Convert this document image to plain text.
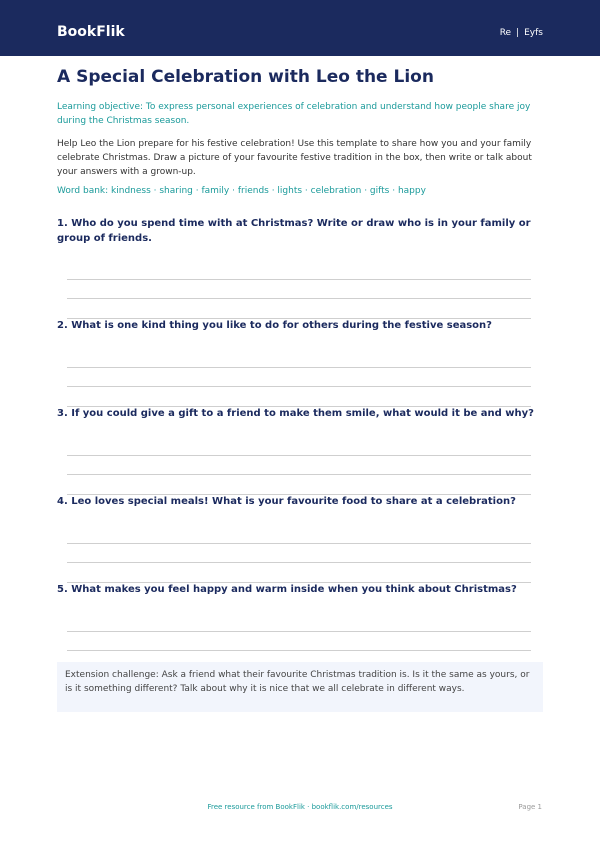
BookFlik	Re | Eyfs
A Special Celebration with Leo the Lion

Learning objective: To express personal experiences of celebration and understand how people share joy during the Christmas season.

Help Leo the Lion prepare for his festive celebration! Use this template to share how you and your family celebrate Christmas. Draw a picture of your favourite festive tradition in the box, then write or talk about your answers with a grown-up.

Word bank: kindness · sharing · family · friends · lights · celebration · gifts · happy

1. Who do you spend time with at Christmas? Write or draw who is in your family or group of friends.

2. What is one kind thing you like to do for others during the festive season?

3. If you could give a gift to a friend to make them smile, what would it be and why?

4. Leo loves special meals! What is your favourite food to share at a celebration?

5. What makes you feel happy and warm inside when you think about Christmas?

Extension challenge: Ask a friend what their favourite Christmas tradition is. Is it the same as yours, or is it something different? Talk about why it is nice that we all celebrate in different ways.

Free resource from BookFlik · bookflik.com/resources	Page 1
